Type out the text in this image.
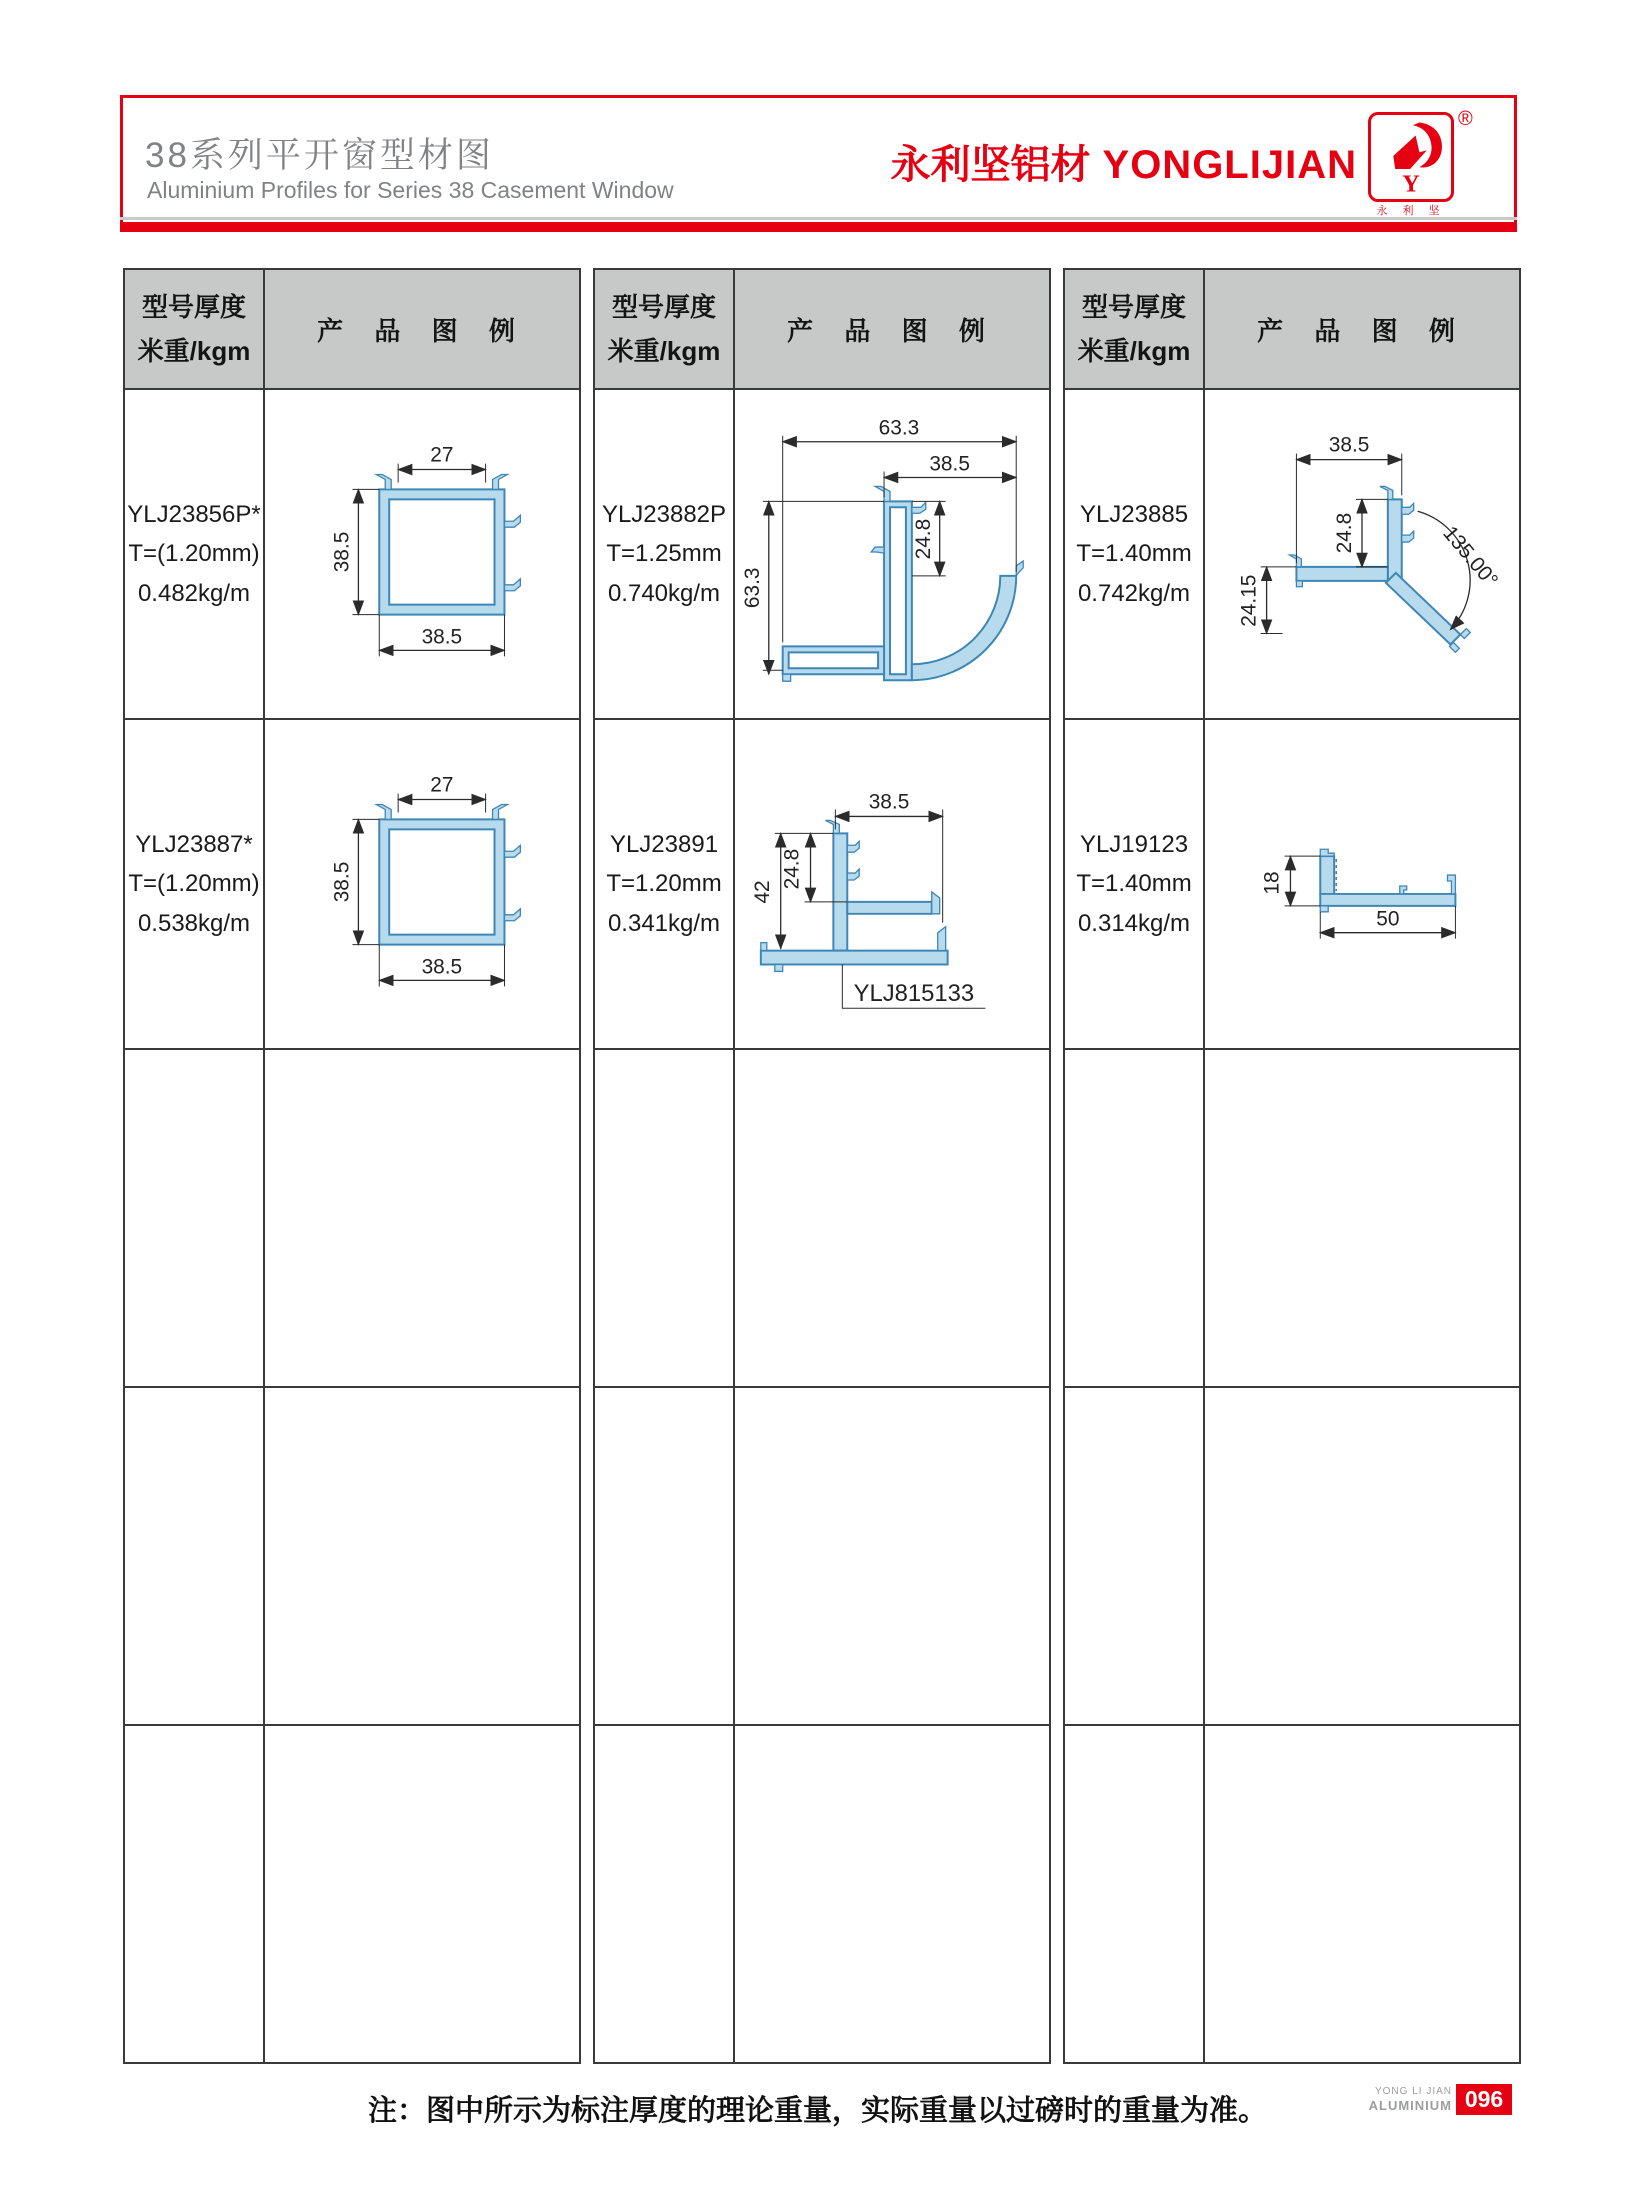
38系列平开窗型材图
Aluminium Profiles for Series 38 Casement Window
永利坚铝材 YONGLIJIAN Y
永 利 坚
®
型号厚度
米重/kgm
产 品 图 例
YLJ23856P*
T=(1.20mm)
0.482kg/m
27
38.5
38.5
YLJ23887*
T=(1.20mm)
0.538kg/m
27
38.5
38.5
型号厚度
米重/kgm
产 品 图 例
YLJ23882P
T=1.25mm
0.740kg/m
63.3
38.5
24.8
63.3
YLJ23891
T=1.20mm
0.341kg/m
38.5
42
24.8
YLJ815133
型号厚度
米重/kgm
产 品 图 例
YLJ23885
T=1.40mm
0.742kg/m
38.5
24.8
24.15
135.00°
YLJ19123
T=1.40mm
0.314kg/m
18
50
注：图中所示为标注厚度的理论重量，实际重量以过磅时的重量为准。
YONG LI JIAN
ALUMINIUM 096
